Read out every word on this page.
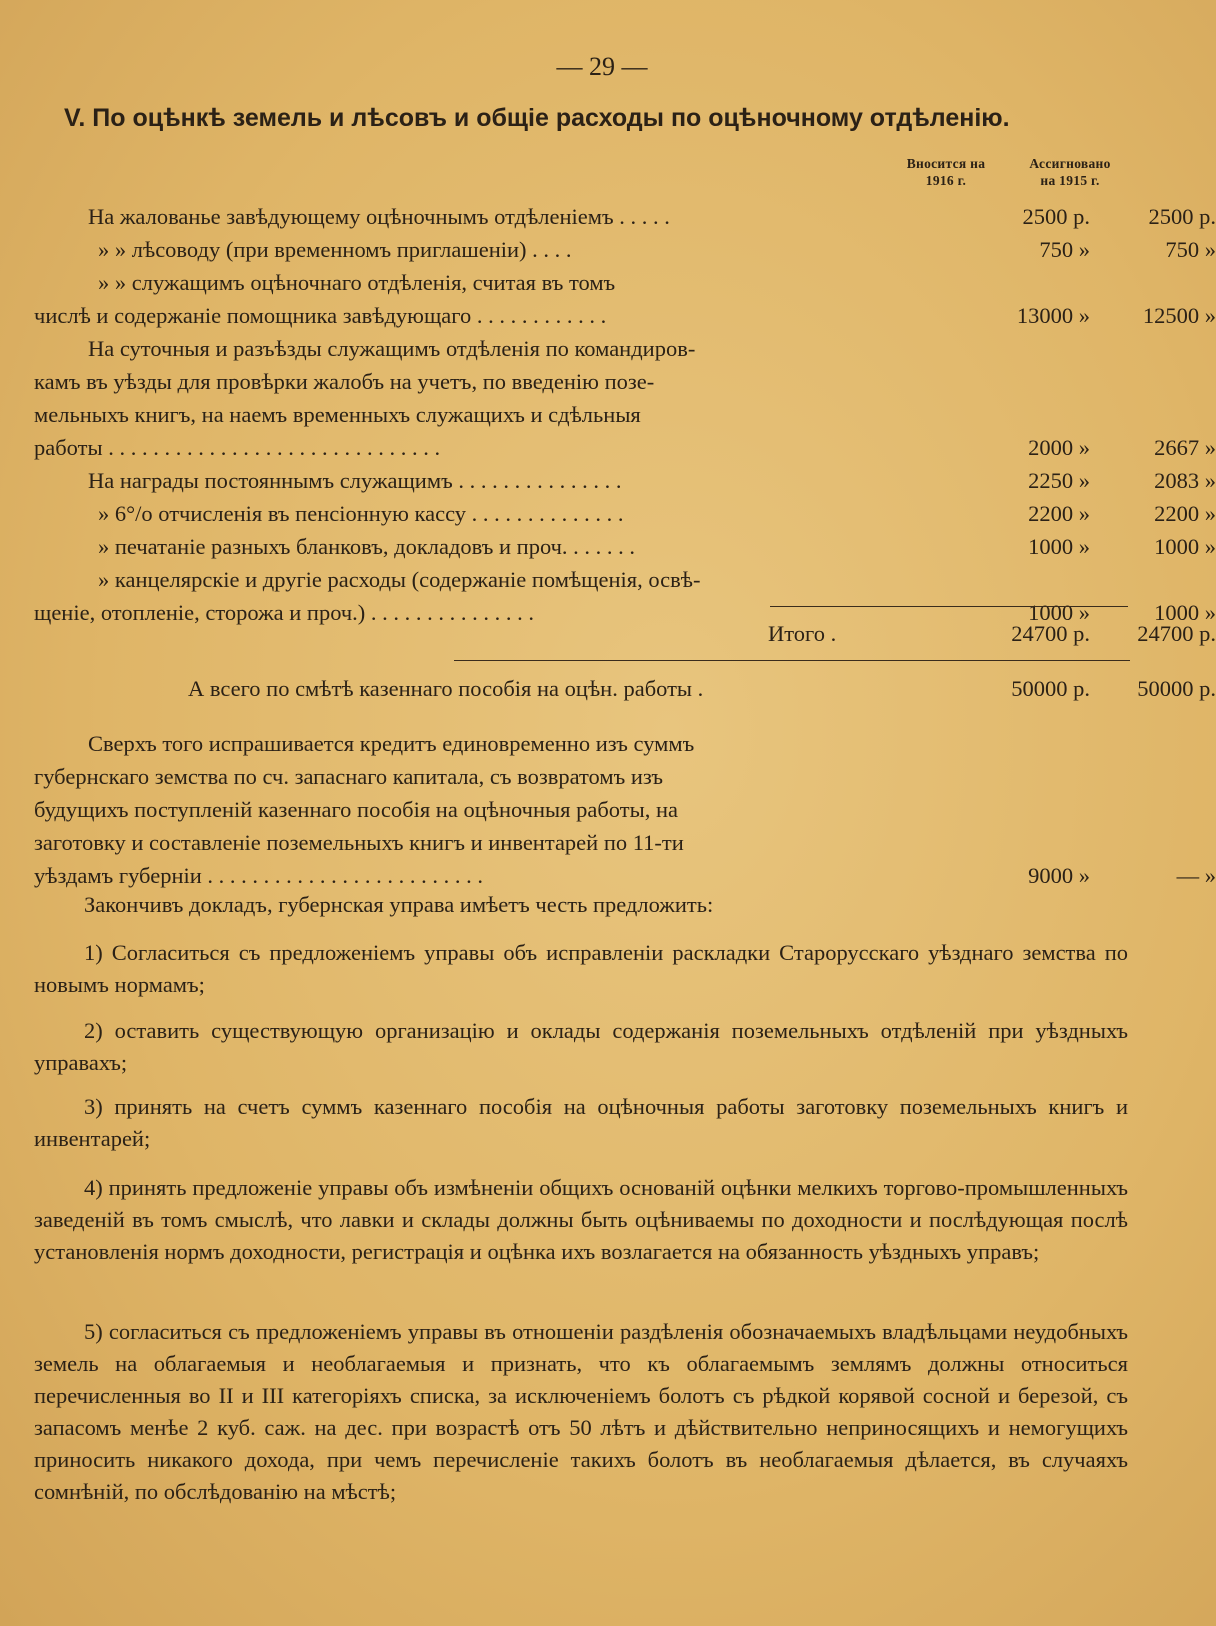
— 29 —
V. По оцѣнкѣ земель и лѣсовъ и общіе расходы по оцѣночному отдѣленію.
Вносится на
1916 г.
Ассигновано
на 1915 г.
На жалованье завѣдующему оцѣночнымъ отдѣленіемъ . . . . .	2500 р.	2500 р.
» » лѣсоводу (при временномъ приглашеніи) . . . .	750 »	750 »
» » служащимъ оцѣночнаго отдѣленія, считая въ томъ
числѣ и содержаніе помощника завѣдующаго . . . . . . . . . . . .	13000 »	12500 »
На суточныя и разъѣзды служащимъ отдѣленія по командиров-
камъ въ уѣзды для провѣрки жалобъ на учетъ, по введенію позе-
мельныхъ книгъ, на наемъ временныхъ служащихъ и сдѣльныя
работы . . . . . . . . . . . . . . . . . . . . . . . . . . . . . .	2000 »	2667 »
На награды постояннымъ служащимъ . . . . . . . . . . . . . . .	2250 »	2083 »
» 6°/o отчисленія въ пенсіонную кассу . . . . . . . . . . . . . .	2200 »	2200 »
» печатаніе разныхъ бланковъ, докладовъ и проч. . . . . . .	1000 »	1000 »
» канцелярскіе и другіе расходы (содержаніе помѣщенія, освѣ-
щеніе, отопленіе, сторожа и проч.) . . . . . . . . . . . . . . .	1000 »	1000 »
Итого .	24700 р.	24700 р.
А всего по смѣтѣ казеннаго пособія на оцѣн. работы .	50000 р.	50000 р.
Сверхъ того испрашивается кредитъ единовременно изъ суммъ
губернскаго земства по сч. запаснаго капитала, съ возвратомъ изъ
будущихъ поступленій казеннаго пособія на оцѣночныя работы, на
заготовку и составленіе поземельныхъ книгъ и инвентарей по 11-ти
уѣздамъ губерніи . . . . . . . . . . . . . . . . . . . . . . . . .	9000 »	— »
Закончивъ докладъ, губернская управа имѣетъ честь предложить:
1) Согласиться съ предложеніемъ управы объ исправленіи раскладки Старорусскаго уѣзднаго земства по новымъ нормамъ;
2) оставить существующую организацію и оклады содержанія поземельныхъ отдѣленій при уѣздныхъ управахъ;
3) принять на счетъ суммъ казеннаго пособія на оцѣночныя работы заготовку поземельныхъ книгъ и инвентарей;
4) принять предложеніе управы объ измѣненіи общихъ основаній оцѣнки мелкихъ торгово-промышленныхъ заведеній въ томъ смыслѣ, что лавки и склады должны быть оцѣниваемы по доходности и послѣдующая послѣ установленія нормъ доходности, регистрація и оцѣнка ихъ возлагается на обязанность уѣздныхъ управъ;
5) согласиться съ предложеніемъ управы въ отношеніи раздѣленія обозначаемыхъ владѣльцами неудобныхъ земель на облагаемыя и необлагаемыя и признать, что къ облагаемымъ землямъ должны относиться перечисленныя во II и III категоріяхъ списка, за исключеніемъ болотъ съ рѣдкой корявой сосной и березой, съ запасомъ менѣе 2 куб. саж. на дес. при возрастѣ отъ 50 лѣтъ и дѣйствительно неприносящихъ и немогущихъ приносить никакого дохода, при чемъ перечисленіе такихъ болотъ въ необлагаемыя дѣлается, въ случаяхъ сомнѣній, по обслѣдованію на мѣстѣ;
